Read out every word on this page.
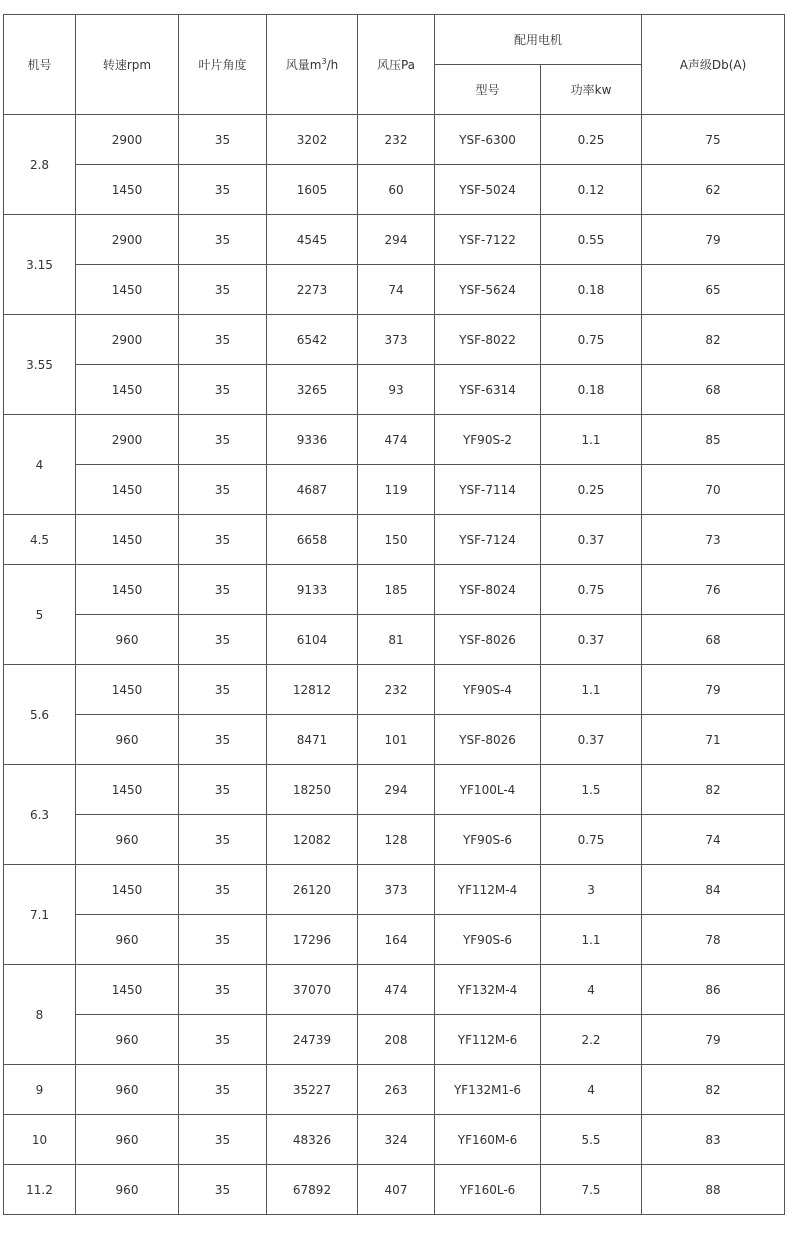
机号	转速rpm	叶片角度	风量$m^3/h$	风压Pa	配用电机		A声级Db(A)
					型号	功率kw	
2.8	2900	35	3202	232	YSF-6300	0.25	75
	1450	35	1605	60	YSF-5024	0.12	62
3.15	2900	35	4545	294	YSF-7122	0.55	79
	1450	35	2273	74	YSF-5624	0.18	65
3.55	2900	35	6542	373	YSF-8022	0.75	82
	1450	35	3265	93	YSF-6314	0.18	68
4	2900	35	9336	474	YF90S-2	1.1	85
	1450	35	4687	119	YSF-7114	0.25	70
4.5	1450	35	6658	150	YSF-7124	0.37	73
5	1450	35	9133	185	YSF-8024	0.75	76
	960	35	6104	81	YSF-8026	0.37	68
5.6	1450	35	12812	232	YF90S-4	1.1	79
	960	35	8471	101	YSF-8026	0.37	71
6.3	1450	35	18250	294	YF100L-4	1.5	82
	960	35	12082	128	YF90S-6	0.75	74
7.1	1450	35	26120	373	YF112M-4	3	84
	960	35	17296	164	YF90S-6	1.1	78
8	1450	35	37070	474	YF132M-4	4	86
	960	35	24739	208	YF112M-6	2.2	79
9	960	35	35227	263	YF132M1-6	4	82
10	960	35	48326	324	YF160M-6	5.5	83
11.2	960	35	67892	407	YF160L-6	7.5	88
